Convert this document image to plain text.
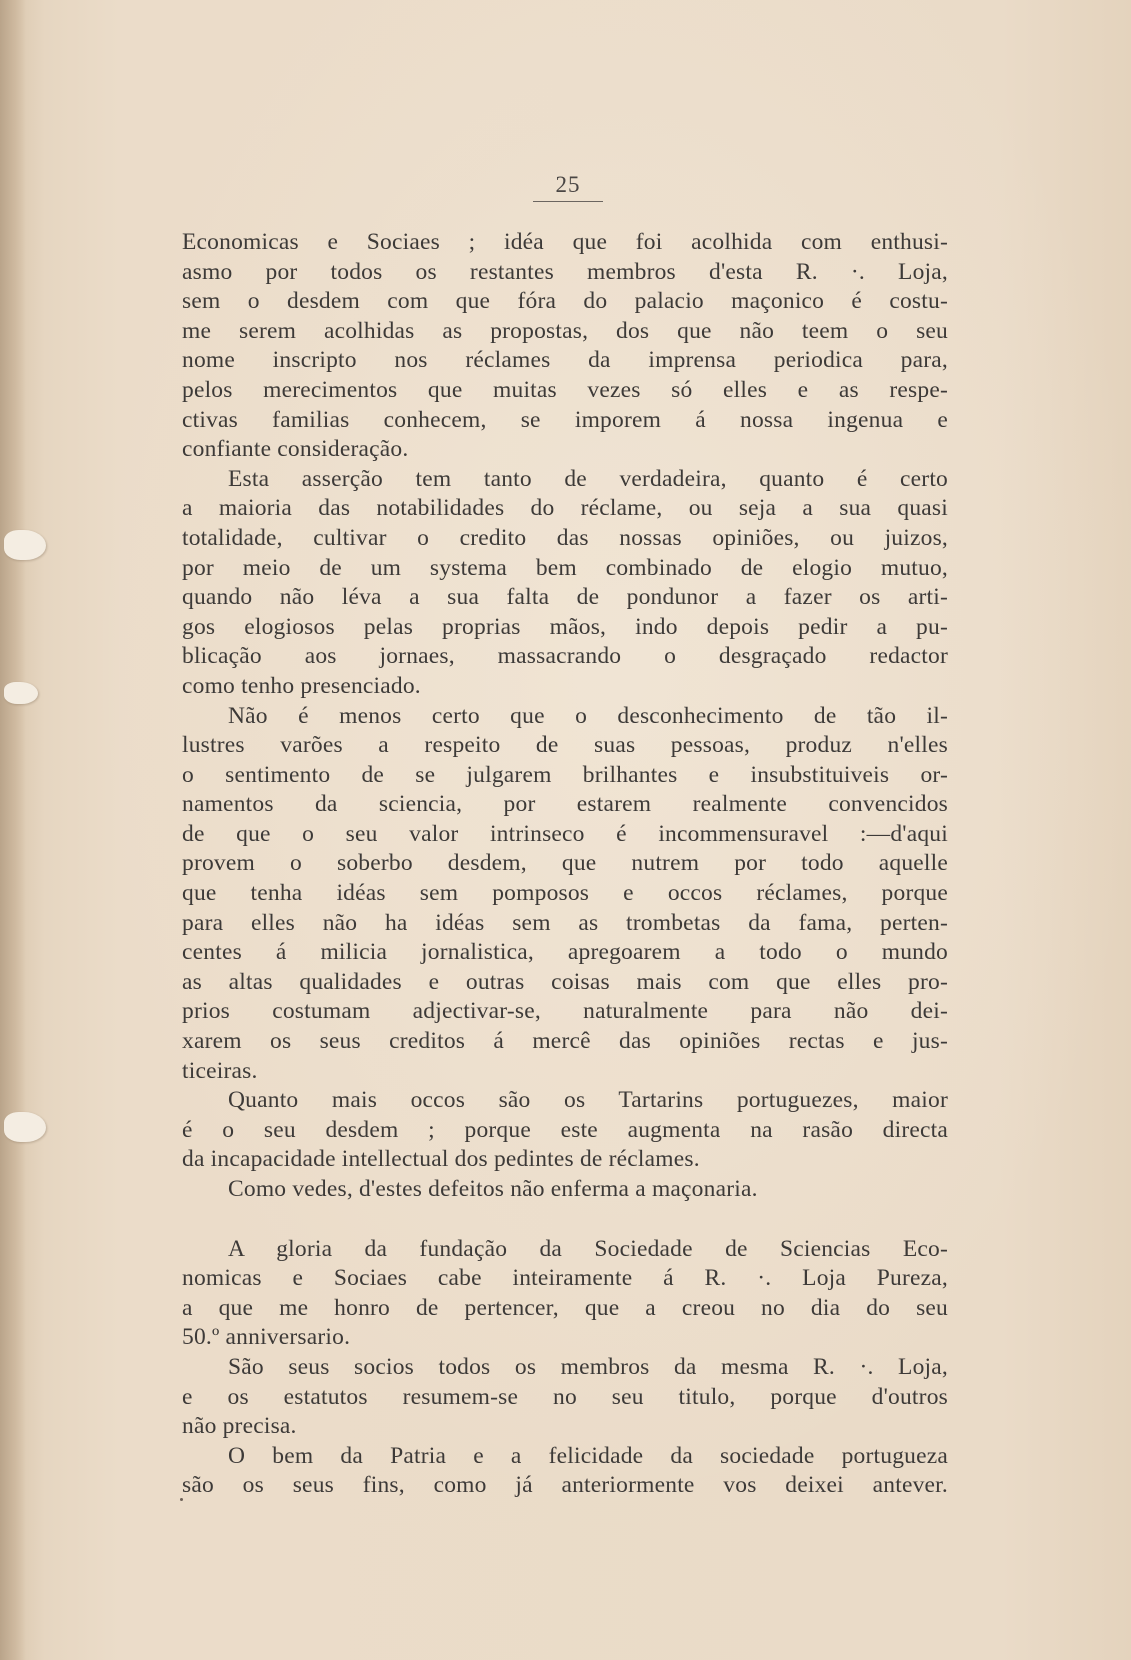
25
Economicas e Sociaes ; idéa que foi acolhida com enthusi-
asmo por todos os restantes membros d'esta R. ·. Loja,
sem o desdem com que fóra do palacio maçonico é costu-
me serem acolhidas as propostas, dos que não teem o seu
nome inscripto nos réclames da imprensa periodica para,
pelos merecimentos que muitas vezes só elles e as respe-
ctivas familias conhecem, se imporem á nossa ingenua e
confiante consideração.
Esta asserção tem tanto de verdadeira, quanto é certo
a maioria das notabilidades do réclame, ou seja a sua quasi
totalidade, cultivar o credito das nossas opiniões, ou juizos,
por meio de um systema bem combinado de elogio mutuo,
quando não léva a sua falta de pondunor a fazer os arti-
gos elogiosos pelas proprias mãos, indo depois pedir a pu-
blicação aos jornaes, massacrando o desgraçado redactor
como tenho presenciado.
Não é menos certo que o desconhecimento de tão il-
lustres varões a respeito de suas pessoas, produz n'elles
o sentimento de se julgarem brilhantes e insubstituiveis or-
namentos da sciencia, por estarem realmente convencidos
de que o seu valor intrinseco é incommensuravel :—d'aqui
provem o soberbo desdem, que nutrem por todo aquelle
que tenha idéas sem pomposos e occos réclames, porque
para elles não ha idéas sem as trombetas da fama, perten-
centes á milicia jornalistica, apregoarem a todo o mundo
as altas qualidades e outras coisas mais com que elles pro-
prios costumam adjectivar-se, naturalmente para não dei-
xarem os seus creditos á mercê das opiniões rectas e jus-
ticeiras.
Quanto mais occos são os Tartarins portuguezes, maior
é o seu desdem ; porque este augmenta na rasão directa
da incapacidade intellectual dos pedintes de réclames.
Como vedes, d'estes defeitos não enferma a maçonaria.
A gloria da fundação da Sociedade de Sciencias Eco-
nomicas e Sociaes cabe inteiramente á R. ·. Loja Pureza,
a que me honro de pertencer, que a creou no dia do seu
50.º anniversario.
São seus socios todos os membros da mesma R. ·. Loja,
e os estatutos resumem-se no seu titulo, porque d'outros
não precisa.
O bem da Patria e a felicidade da sociedade portugueza
são os seus fins, como já anteriormente vos deixei antever.
